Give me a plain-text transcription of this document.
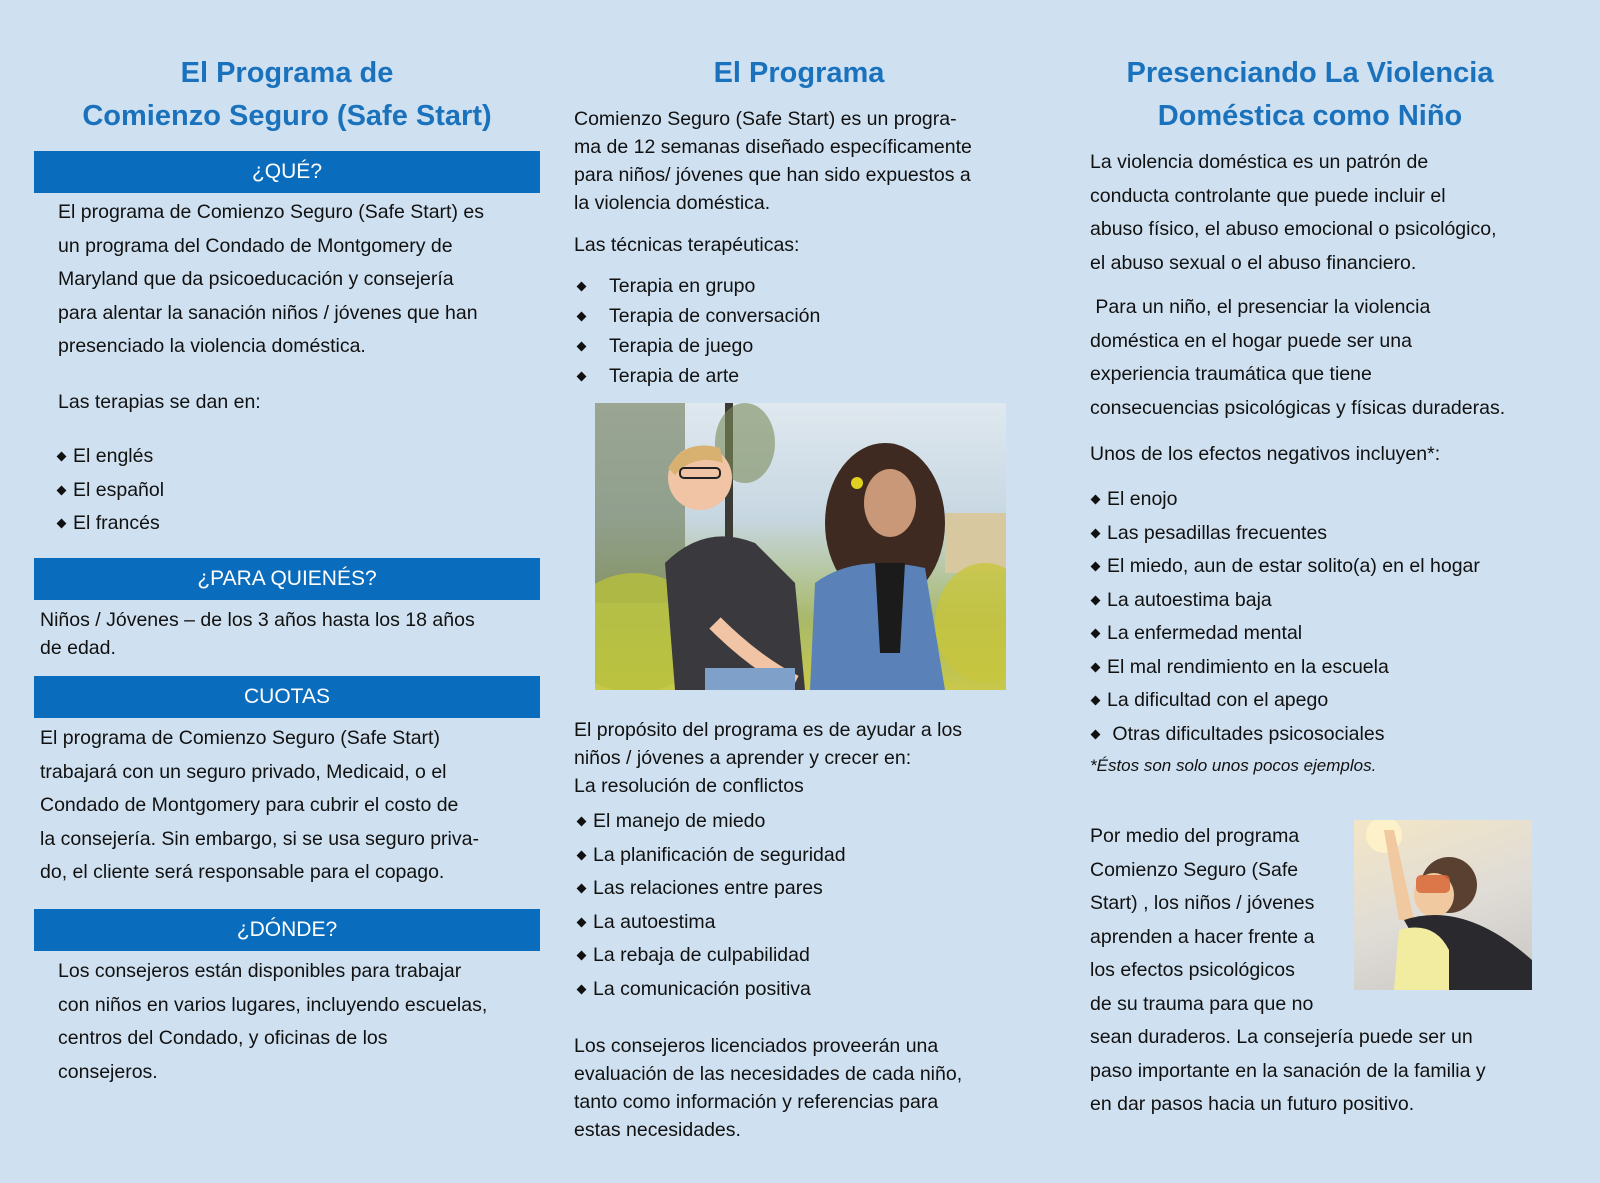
El Programa de
Comienzo Seguro (Safe Start)
¿QUÉ?

El programa de Comienzo Seguro (Safe Start) es

un programa del Condado de Montgomery de

Maryland que da psicoeducación y consejería

para alentar la sanación niños / jóvenes que han

presenciado la violencia doméstica.

Las terapias se dan en:

El englés
El español
El francés
¿PARA QUIENÉS?

Niños / Jóvenes – de los 3 años hasta los 18 años

de edad.

CUOTAS

El programa de Comienzo Seguro (Safe Start)

trabajará con un seguro privado, Medicaid, o el

Condado de Montgomery para cubrir el costo de

la consejería. Sin embargo, si se usa seguro priva-

do, el cliente será responsable para el copago.

¿DÓNDE?

Los consejeros están disponibles para trabajar

con niños en varios lugares, incluyendo escuelas,

centros del Condado, y oficinas de los

consejeros.

El Programa

Comienzo Seguro (Safe Start) es un progra-

ma de 12 semanas diseñado específicamente

para niños/ jóvenes que han sido expuestos a

la violencia doméstica.

Las técnicas terapéuticas:

Terapia en grupo
Terapia de conversación
Terapia de juego
Terapia de arte

El propósito del programa es de ayudar a los

niños / jóvenes a aprender y crecer en:

La resolución de conflictos

El manejo de miedo
La planificación de seguridad
Las relaciones entre pares
La autoestima
La rebaja de culpabilidad
La comunicación positiva

Los consejeros licenciados proveerán una

evaluación de las necesidades de cada niño,

tanto como información y referencias para

estas necesidades.

Presenciando La Violencia
Doméstica como Niño

La violencia doméstica es un patrón de

conducta controlante que puede incluir el

abuso físico, el abuso emocional o psicológico,

el abuso sexual o el abuso financiero.

Para un niño, el presenciar la violencia

doméstica en el hogar puede ser una

experiencia traumática que tiene

consecuencias psicológicas y físicas duraderas.

Unos de los efectos negativos incluyen*:

El enojo
Las pesadillas frecuentes
El miedo, aun de estar solito(a) en el hogar
La autoestima baja
La enfermedad mental
El mal rendimiento en la escuela
La dificultad con el apego
Otras dificultades psicosociales

*Éstos son solo unos pocos ejemplos.

Por medio del programa

Comienzo Seguro (Safe

Start) , los niños / jóvenes

aprenden a hacer frente a

los efectos psicológicos

de su trauma para que no

sean duraderos. La consejería puede ser un

paso importante en la sanación de la familia y

en dar pasos hacia un futuro positivo.
